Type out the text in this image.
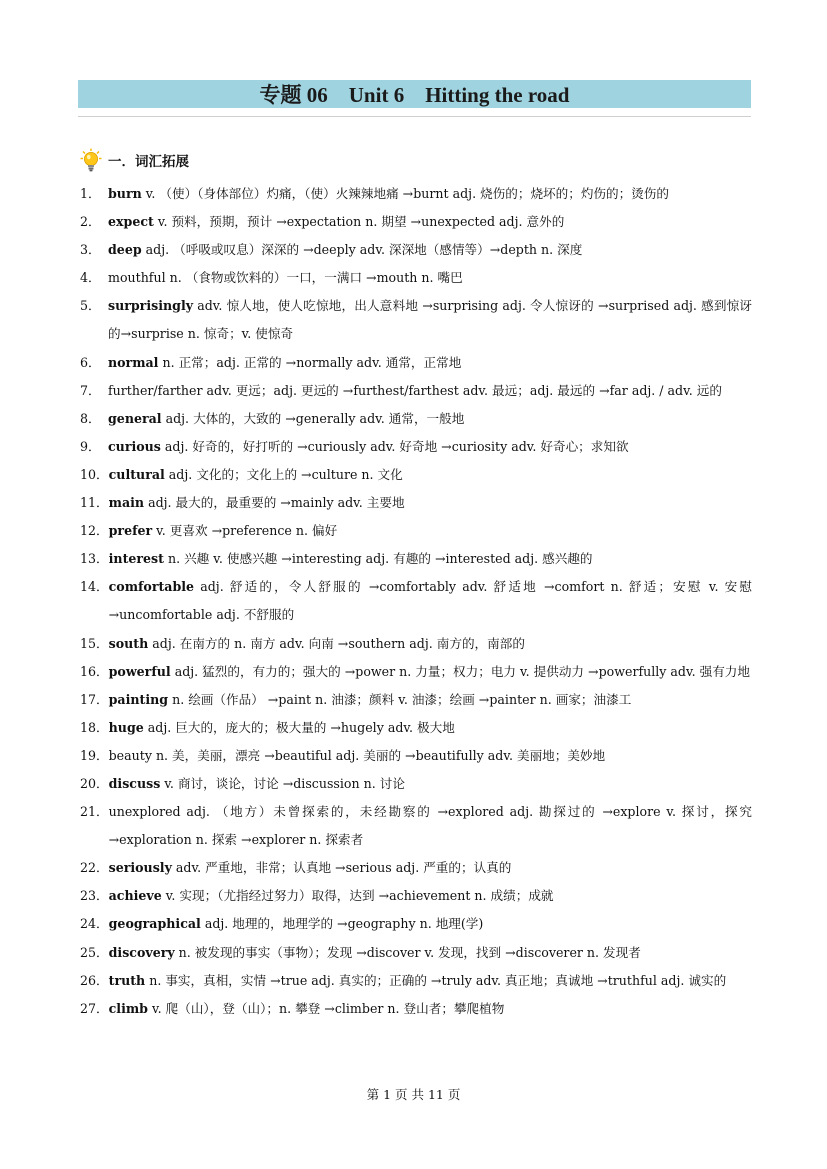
专题 06    Unit 6    Hitting the road
一．词汇拓展
1． burn v. （使）（身体部位）灼痛，（使）火辣辣地痛 →burnt adj. 烧伤的；烧坏的；灼伤的；烫伤的
2． expect v. 预料，预期，预计 →expectation n. 期望 →unexpected adj. 意外的
3． deep adj. （呼吸或叹息）深深的 →deeply adv. 深深地（感情等）→depth n. 深度
4． mouthful n. （食物或饮料的）一口，一满口 →mouth n. 嘴巴
5． surprisingly adv. 惊人地，使人吃惊地，出人意料地 →surprising adj. 令人惊讶的 →surprised adj. 感到惊讶的→surprise n. 惊奇；v. 使惊奇
6． normal n. 正常；adj. 正常的 →normally adv. 通常，正常地
7． further/farther adv. 更远；adj. 更远的 →furthest/farthest adv. 最远；adj. 最远的 →far adj. / adv. 远的
8． general adj. 大体的，大致的 →generally adv. 通常，一般地
9． curious adj. 好奇的，好打听的 →curiously adv. 好奇地 →curiosity adv. 好奇心；求知欲
10． cultural adj. 文化的；文化上的 →culture n. 文化
11． main adj. 最大的，最重要的 →mainly adv. 主要地
12． prefer v. 更喜欢 →preference n. 偏好
13． interest n. 兴趣 v. 使感兴趣 →interesting adj. 有趣的 →interested adj. 感兴趣的
14． comfortable adj. 舒适的，令人舒服的 →comfortably adv. 舒适地 →comfort n. 舒适；安慰 v. 安慰 →uncomfortable adj. 不舒服的
15． south adj. 在南方的 n. 南方 adv. 向南 →southern adj. 南方的，南部的
16． powerful adj. 猛烈的，有力的；强大的 →power n. 力量；权力；电力 v. 提供动力 →powerfully adv. 强有力地
17． painting n. 绘画（作品） →paint n. 油漆；颜料 v. 油漆；绘画 →painter n. 画家；油漆工
18． huge adj. 巨大的，庞大的；极大量的 →hugely adv. 极大地
19． beauty n. 美，美丽，漂亮 →beautiful adj. 美丽的 →beautifully adv. 美丽地；美妙地
20． discuss v. 商讨，谈论，讨论 →discussion n. 讨论
21． unexplored adj. （地方）未曾探索的，未经勘察的 →explored adj. 勘探过的 →explore v. 探讨，探究 →exploration n. 探索 →explorer n. 探索者
22． seriously adv. 严重地，非常；认真地 →serious adj. 严重的；认真的
23． achieve v. 实现；（尤指经过努力）取得，达到 →achievement n. 成绩；成就
24． geographical adj. 地理的，地理学的 →geography n. 地理(学)
25． discovery n. 被发现的事实（事物）；发现 →discover v. 发现，找到 →discoverer n. 发现者
26． truth n. 事实，真相，实情 →true adj. 真实的；正确的 →truly adv. 真正地；真诚地 →truthful adj. 诚实的
27． climb v. 爬（山），登（山）；n. 攀登 →climber n. 登山者；攀爬植物
第 1 页 共 11 页
